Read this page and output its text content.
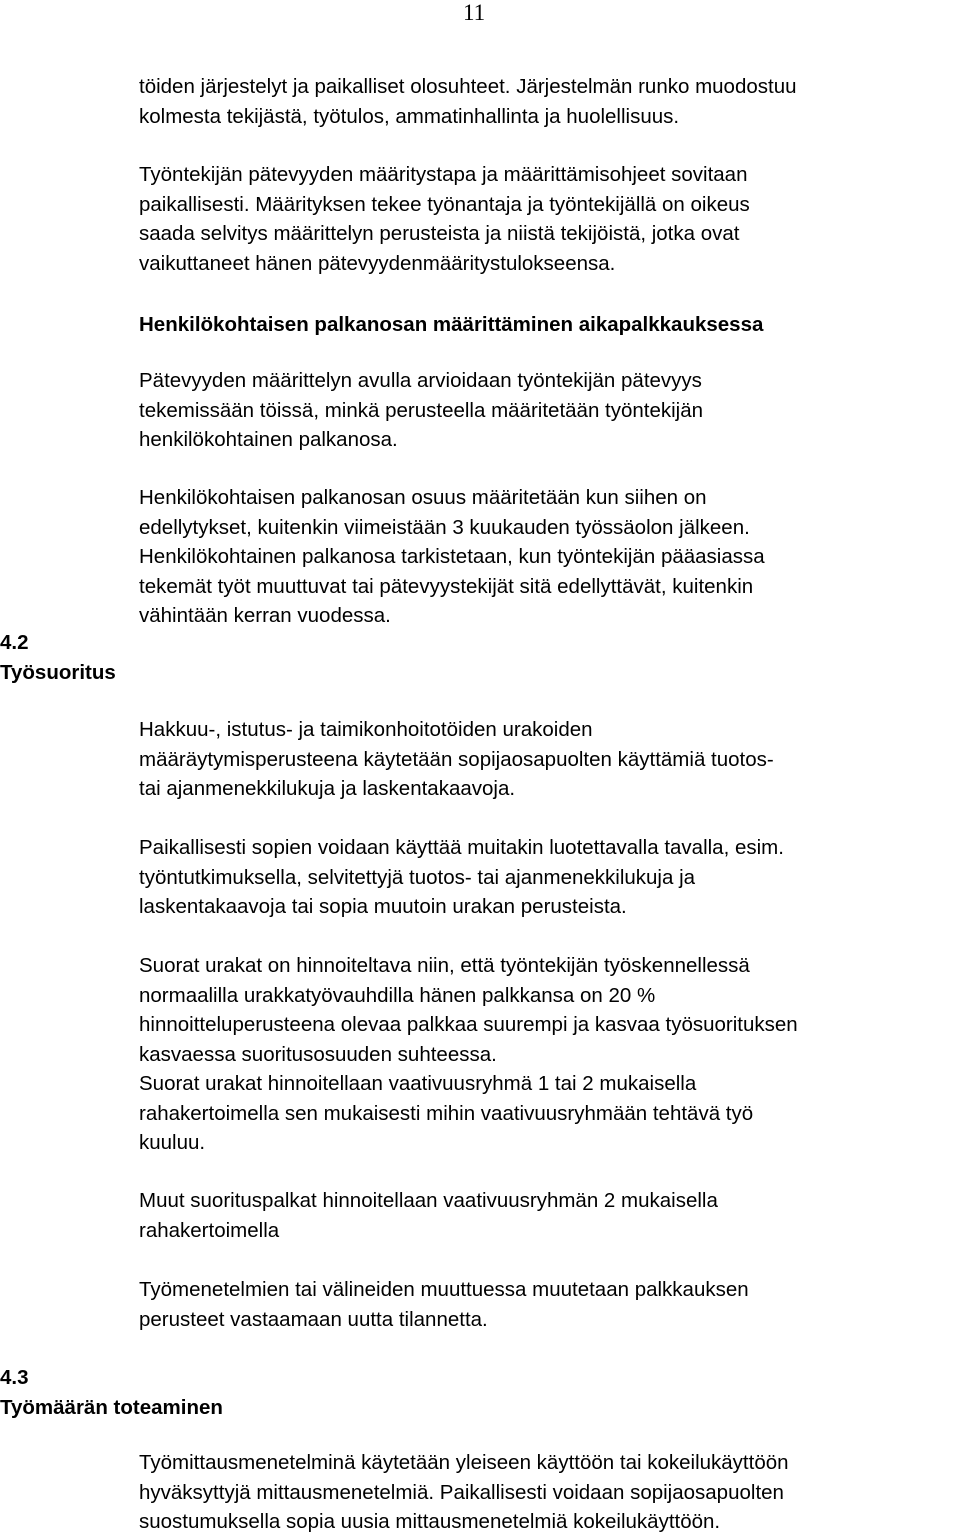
11
töiden järjestelyt ja paikalliset olosuhteet. Järjestelmän runko muodostuu
kolmesta tekijästä, työtulos, ammatinhallinta ja huolellisuus.
Työntekijän pätevyyden määritystapa ja määrittämisohjeet sovitaan
paikallisesti. Määrityksen tekee työnantaja ja työntekijällä on oikeus
saada selvitys määrittelyn perusteista ja niistä tekijöistä, jotka ovat
vaikuttaneet hänen pätevyydenmääritystulokseensa.
Henkilökohtaisen palkanosan määrittäminen aikapalkkauksessa
Pätevyyden määrittelyn avulla arvioidaan työntekijän pätevyys
tekemissään töissä, minkä perusteella määritetään työntekijän
henkilökohtainen palkanosa.
Henkilökohtaisen palkanosan osuus määritetään kun siihen on
edellytykset, kuitenkin viimeistään 3 kuukauden työssäolon jälkeen.
Henkilökohtainen palkanosa tarkistetaan, kun työntekijän pääasiassa
tekemät työt muuttuvat tai pätevyystekijät sitä edellyttävät, kuitenkin
vähintään kerran vuodessa.
4.2
Työsuoritus
Hakkuu-, istutus- ja taimikonhoitotöiden urakoiden
määräytymisperusteena käytetään sopijaosapuolten käyttämiä tuotos-
tai ajanmenekkilukuja ja laskentakaavoja.
Paikallisesti sopien voidaan käyttää muitakin luotettavalla tavalla, esim.
työntutkimuksella, selvitettyjä tuotos- tai ajanmenekkilukuja ja
laskentakaavoja tai sopia muutoin urakan perusteista.
Suorat urakat on hinnoiteltava niin, että työntekijän työskennellessä
normaalilla urakkatyövauhdilla hänen palkkansa on 20 %
hinnoitteluperusteena olevaa palkkaa suurempi ja kasvaa työsuorituksen
kasvaessa suoritusosuuden suhteessa.
Suorat urakat hinnoitellaan vaativuusryhmä 1 tai 2 mukaisella
rahakertoimella sen mukaisesti mihin vaativuusryhmään tehtävä työ
kuuluu.
Muut suorituspalkat hinnoitellaan vaativuusryhmän 2 mukaisella
rahakertoimella
Työmenetelmien tai välineiden muuttuessa muutetaan palkkauksen
perusteet vastaamaan uutta tilannetta.
4.3
Työmäärän toteaminen
Työmittausmenetelminä käytetään yleiseen käyttöön tai kokeilukäyttöön
hyväksyttyjä mittausmenetelmiä. Paikallisesti voidaan sopijaosapuolten
suostumuksella sopia uusia mittausmenetelmiä kokeilukäyttöön.
